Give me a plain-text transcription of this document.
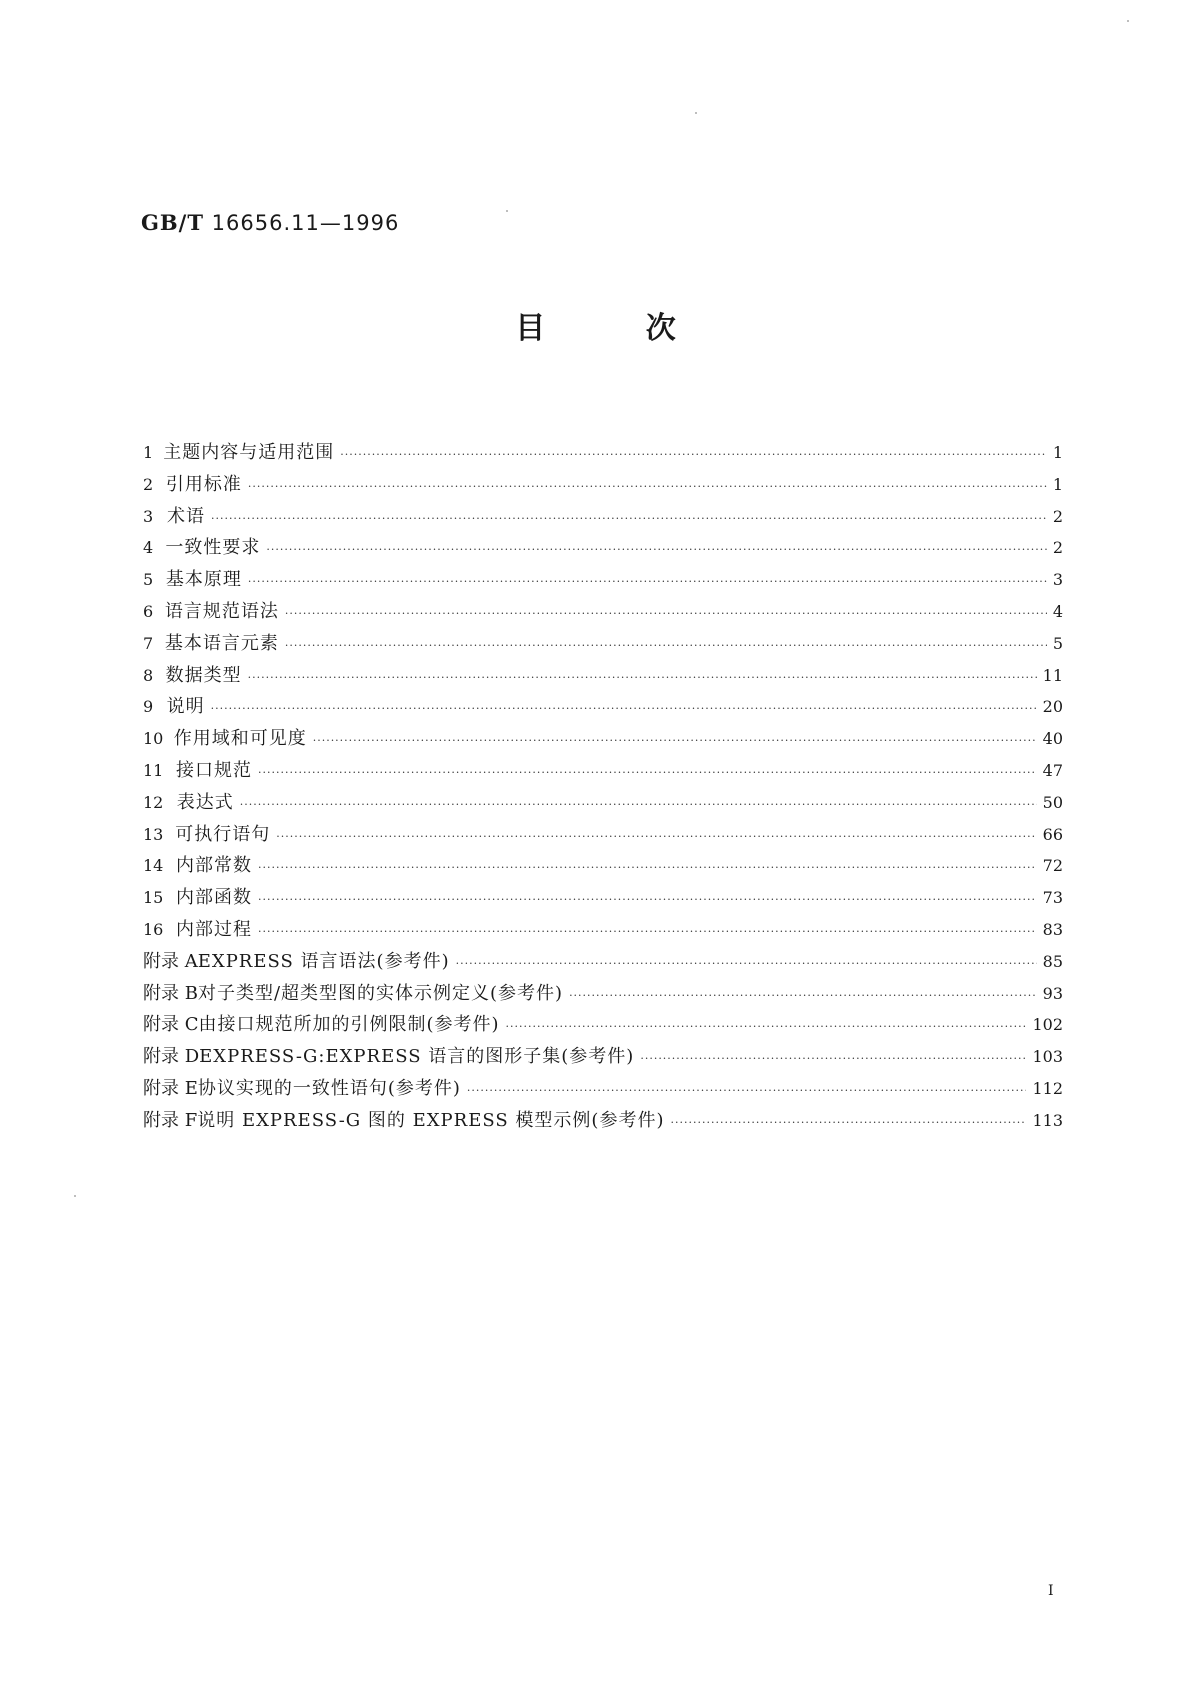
GB/T 16656.11—1996
目	次
1 主题内容与适用范围 ·····	1
2 引用标准 ·····	1
3 术语 ·····	2
4 一致性要求 ·····	2
5 基本原理 ·····	3
6 语言规范语法 ·····	4
7 基本语言元素 ·····	5
8 数据类型 ·····	11
9 说明 ·····	20
10 作用域和可见度 ·····	40
11 接口规范 ·····	47
12 表达式 ·····	50
13 可执行语句 ·····	66
14 内部常数 ·····	72
15 内部函数 ·····	73
16 内部过程 ·····	83
附录 A EXPRESS 语言语法(参考件) ·····	85
附录 B 对子类型/超类型图的实体示例定义(参考件) ·····	93
附录 C 由接口规范所加的引例限制(参考件) ·····	102
附录 D EXPRESS-G:EXPRESS 语言的图形子集(参考件) ·····	103
附录 E 协议实现的一致性语句(参考件) ·····	112
附录 F 说明 EXPRESS-G 图的 EXPRESS 模型示例(参考件) ·····	113
I
